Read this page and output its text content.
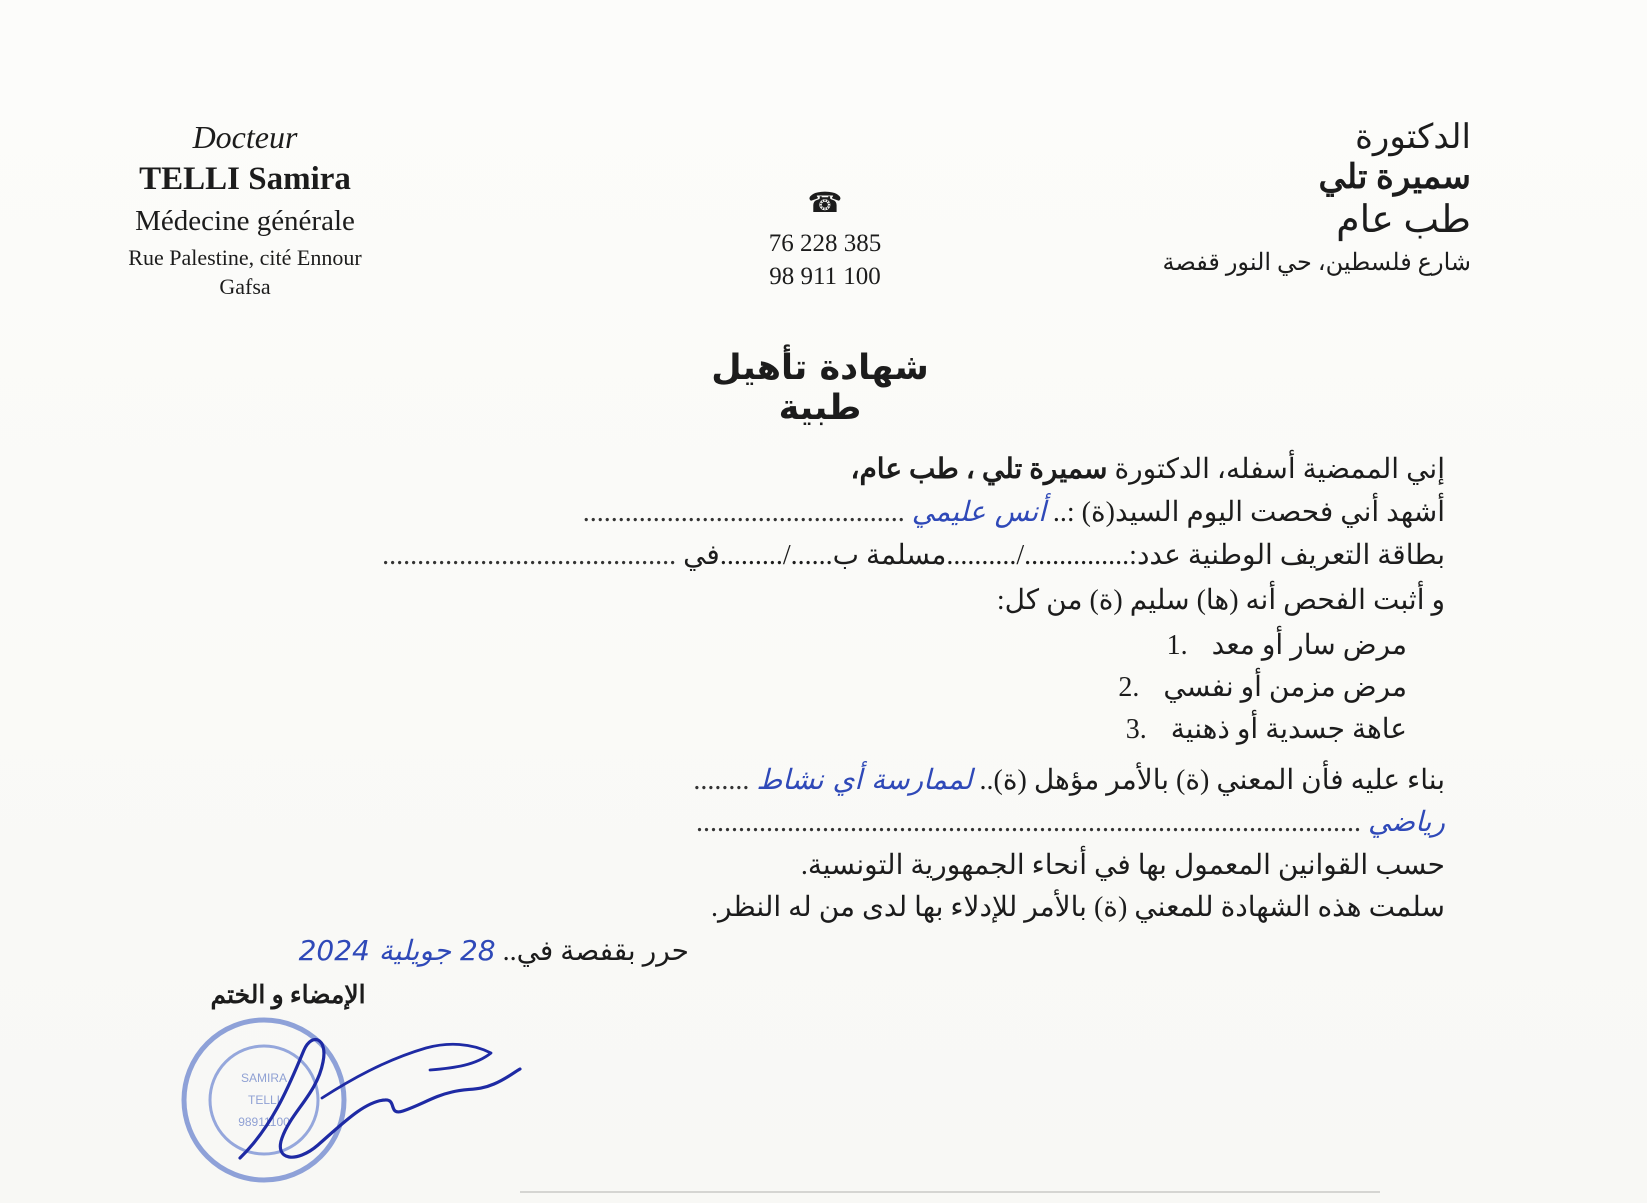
Docteur
TELLI Samira
Médecine générale
Rue Palestine, cité Ennour
Gafsa
☎
76 228 385
98 911 100
الدكتورة
سميرة تلي
طب عام
شارع فلسطين، حي النور قفصة
شهادة تأهيل طبية
إني الممضية أسفله، الدكتورة سميرة تلي ، طب عام،
أشهد أني فحصت اليوم السيد(ة) :.. أنس عليمي ..............................................
بطاقة التعريف الوطنية عدد:.............../..........مسلمة ب....../.........في ..........................................
و أثبت الفحص أنه (ها) سليم (ة) من كل:
مرض سار أو معد 1.
مرض مزمن أو نفسي 2.
عاهة جسدية أو ذهنية 3.
بناء عليه فأن المعني (ة) بالأمر مؤهل (ة).. لممارسة أي نشاط ........
رياضي ...............................................................................................
حسب القوانين المعمول بها في أنحاء الجمهورية التونسية.
سلمت هذه الشهادة للمعني (ة) بالأمر للإدلاء بها لدى من له النظر.
حرر بقفصة في.. 28 جويلية 2024
الإمضاء و الختم
SAMIRA
TELLI
98911100
